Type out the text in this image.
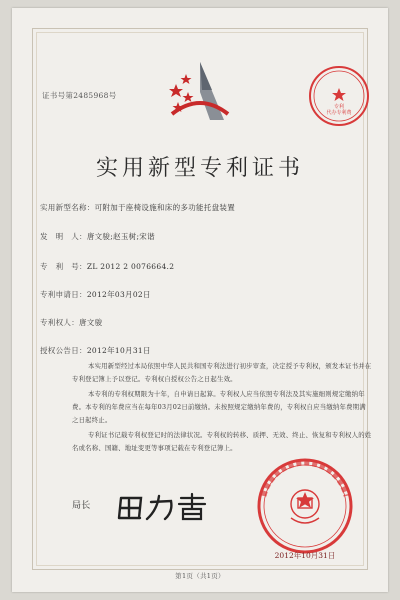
证书号第2485968号
专利
代办专利费
实用新型专利证书
实用新型名称：可附加于座椅设施和床的多功能托盘装置
发　明　人：唐文骏;赵玉树;宋谐
专　利　号：ZL 2012 2 0076664.2
专利申请日：2012年03月02日
专利权人：唐文骏
授权公告日：2012年10月31日
本实用新型经过本局依照中华人民共和国专利法进行初步审查，决定授予专利权，颁发本证书并在专利登记簿上予以登记。专利权自授权公告之日起生效。
本专利的专利权期限为十年，自申请日起算。专利权人应当依照专利法及其实施细则规定缴纳年费。本专利的年费应当在每年03月02日前缴纳。未按照规定缴纳年费的，专利权自应当缴纳年费期满之日起终止。
专利证书记载专利权登记时的法律状况。专利权的转移、质押、无效、终止、恢复和专利权人的姓名或名称、国籍、地址变更等事项记载在专利登记簿上。
局长
2012年10月31日
第1页（共1页）
